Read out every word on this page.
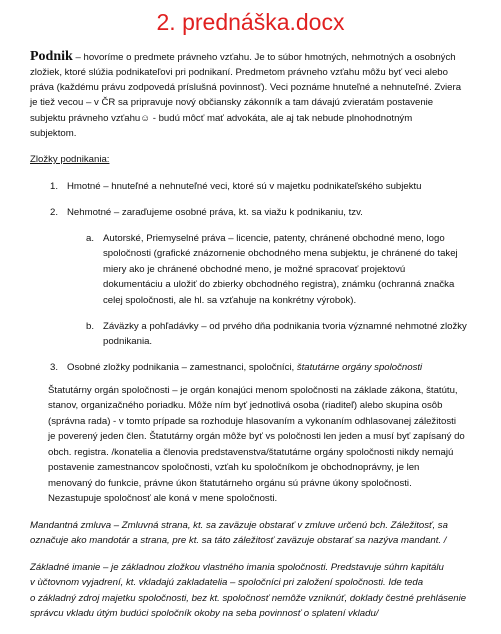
2. prednáška.docx
Podnik – hovoríme o predmete právneho vzťahu. Je to súbor hmotných, nehmotných a osobných
zložiek, ktoré slúžia podnikateľovi pri podnikaní. Predmetom právneho vzťahu môžu byť veci alebo
práva (každému právu zodpovedá príslušná povinnosť). Veci poznáme hnuteľné a nehnuteľné. Zviera
je tiež vecou – v ČR sa pripravuje nový občiansky zákonník a tam dávajú zvieratám postavenie
subjektu právneho vzťahu☺ - budú môcť mať advokáta, ale aj tak nebude plnohodnotným
subjektom.
Zložky podnikania:
1. Hmotné – hnuteľné a nehnuteľné veci, ktoré sú v majetku podnikateľského subjektu
2. Nehmotné – zaraďujeme osobné práva, kt. sa viažu k podnikaniu, tzv.
a. Autorské, Priemyselné práva – licencie, patenty, chránené obchodné meno, logo
spoločnosti (grafické znázornenie obchodného mena subjektu, je chránené do takej
miery ako je chránené obchodné meno, je možné spracovať projektovú
dokumentáciu a uložiť do zbierky obchodného registra), známku (ochranná značka
celej spoločnosti, ale hl. sa vzťahuje na konkrétny výrobok).
b. Záväzky a pohľadávky – od prvého dňa podnikania tvoria významné nehmotné zložky
podnikania.
3. Osobné zložky podnikania – zamestnanci, spoločníci, štatutárne orgány spoločnosti
Štatutárny orgán spoločnosti – je orgán konajúci menom spoločnosti na základe zákona, štatútu,
stanov, organizačného poriadku. Môže ním byť jednotlivá osoba (riaditeľ) alebo skupina osôb
(správna rada) - v tomto prípade sa rozhoduje hlasovaním a vykonaním odhlasovanej záležitosti
je poverený jeden člen. Štatutárny orgán môže byť vs poločnosti len jeden a musí byť zapísaný do
obch. registra. /konatelia a členovia predstavenstva/štatutárne orgány spoločnosti nikdy nemajú
postavenie zamestnancov spoločnosti, vzťah ku spoločníkom je obchodnoprávny, je len
menovaný do funkcie, právne úkon štatutárneho orgánu sú právne úkony spoločnosti.
Nezastupuje spoločnosť ale koná v mene spoločnosti.
Mandantná zmluva – Zmluvná strana, kt. sa zaväzuje obstarať v zmluve určenú bch. Záležitosť, sa
označuje ako mandotár a strana, pre kt. sa táto záležitosť zaväzuje obstarať sa nazýva mandant. /
Základné imanie – je základnou zložkou vlastného imania spoločnosti. Predstavuje súhrn kapitálu
v ùčtovnom vyjadrení, kt. vkladajú zakladatelia – spoločníci pri založení spoločnosti. Ide teda
o základný zdroj majetku spoločnosti, bez kt. spoločnosť nemôže vzniknúť, doklady čestné prehlásenie
správcu vkladu útým budúci spoločník okoby na seba povinnosť o splatení vkladu/
